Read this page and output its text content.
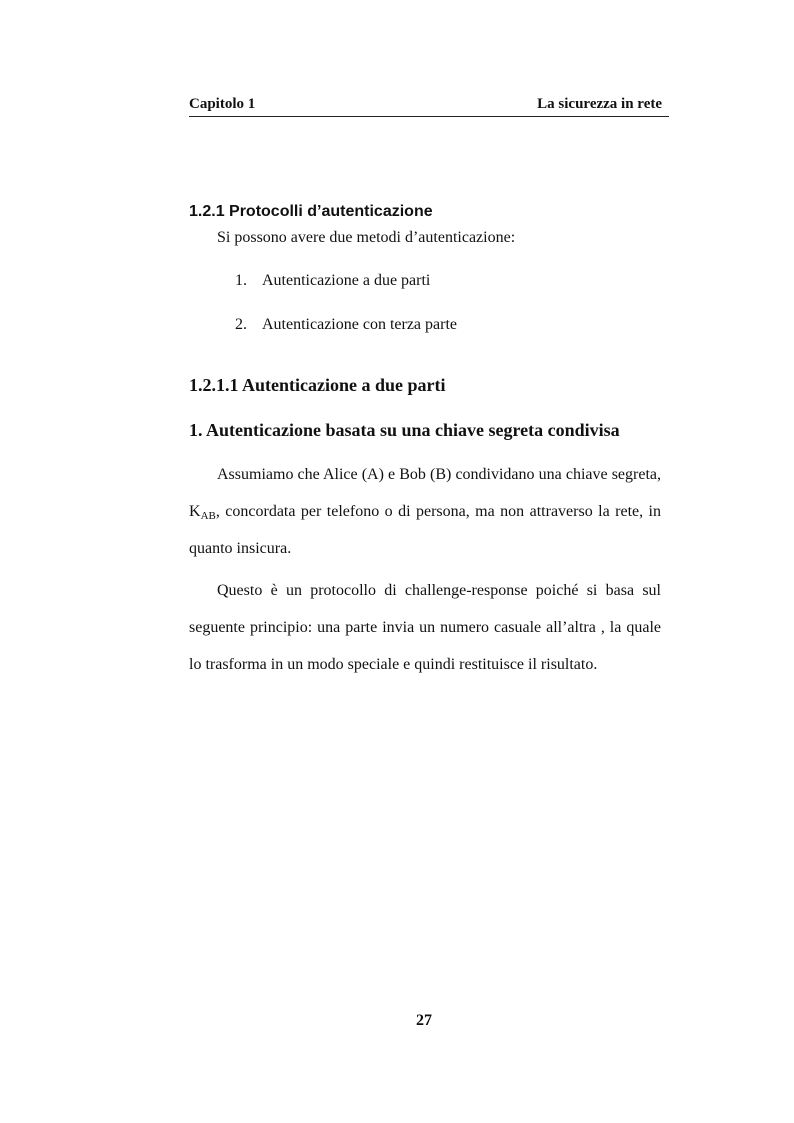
Capitolo 1	La sicurezza in rete
1.2.1 Protocolli d’autenticazione
Si possono avere due metodi d’autenticazione:
1. Autenticazione a due parti
2. Autenticazione con terza parte
1.2.1.1 Autenticazione a due parti
1. Autenticazione basata su una chiave segreta condivisa

Assumiamo che Alice (A) e Bob (B) condividano una chiave segreta, $K_{AB}$, concordata per telefono o di persona, ma non attraverso la rete, in quanto insicura.

Questo è un protocollo di challenge-response poiché si basa sul seguente principio: una parte invia un numero casuale all’altra , la quale lo trasforma in un modo speciale e quindi restituisce il risultato.

27
